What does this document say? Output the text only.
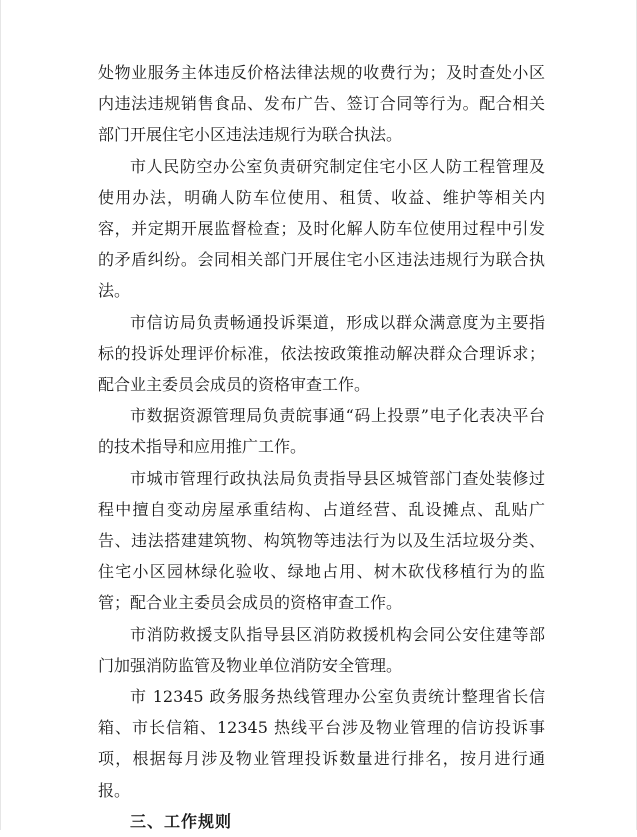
处物业服务主体违反价格法律法规的收费行为；及时查处小区内违法违规销售食品、发布广告、签订合同等行为。配合相关部门开展住宅小区违法违规行为联合执法。

市人民防空办公室负责研究制定住宅小区人防工程管理及使用办法，明确人防车位使用、租赁、收益、维护等相关内容，并定期开展监督检查；及时化解人防车位使用过程中引发的矛盾纠纷。会同相关部门开展住宅小区违法违规行为联合执法。

市信访局负责畅通投诉渠道，形成以群众满意度为主要指标的投诉处理评价标准，依法按政策推动解决群众合理诉求；配合业主委员会成员的资格审查工作。

市数据资源管理局负责皖事通“码上投票”电子化表决平台的技术指导和应用推广工作。

市城市管理行政执法局负责指导县区城管部门查处装修过程中擅自变动房屋承重结构、占道经营、乱设摊点、乱贴广告、违法搭建建筑物、构筑物等违法行为以及生活垃圾分类、住宅小区园林绿化验收、绿地占用、树木砍伐移植行为的监管；配合业主委员会成员的资格审查工作。

市消防救援支队指导县区消防救援机构会同公安住建等部门加强消防监管及物业单位消防安全管理。

市 12345 政务服务热线管理办公室负责统计整理省长信箱、市长信箱、12345 热线平台涉及物业管理的信访投诉事项，根据每月涉及物业管理投诉数量进行排名，按月进行通报。

三、工作规则
